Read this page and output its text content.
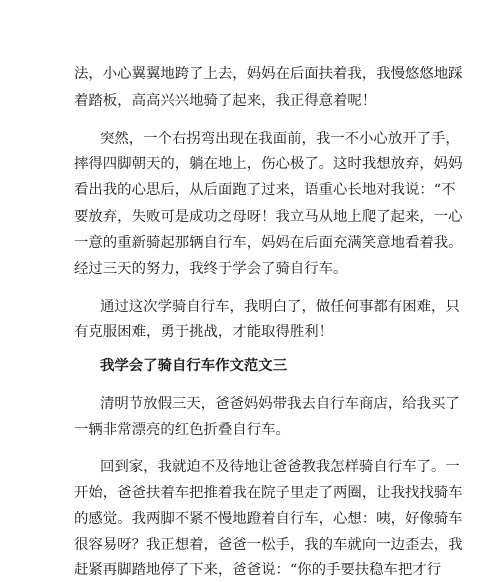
法，小心翼翼地跨了上去，妈妈在后面扶着我，我慢悠悠地踩
着踏板，高高兴兴地骑了起来，我正得意着呢！
突然，一个右拐弯出现在我面前，我一不小心放开了手，
摔得四脚朝天的，躺在地上，伤心极了。这时我想放弃，妈妈
看出我的心思后，从后面跑了过来，语重心长地对我说：“不
要放弃，失败可是成功之母呀！我立马从地上爬了起来，一心
一意的重新骑起那辆自行车，妈妈在后面充满笑意地看着我。
经过三天的努力，我终于学会了骑自行车。
通过这次学骑自行车，我明白了，做任何事都有困难，只
有克服困难，勇于挑战，才能取得胜利！
我学会了骑自行车作文范文三
清明节放假三天，爸爸妈妈带我去自行车商店，给我买了
一辆非常漂亮的红色折叠自行车。
回到家，我就迫不及待地让爸爸教我怎样骑自行车了。一
开始，爸爸扶着车把推着我在院子里走了两圈，让我找找骑车
的感觉。我两脚不紧不慢地蹬着自行车，心想：咦，好像骑车
很容易呀？我正想着，爸爸一松手，我的车就向一边歪去，我
赶紧再脚踏地停了下来，爸爸说：“你的手要扶稳车把才行
